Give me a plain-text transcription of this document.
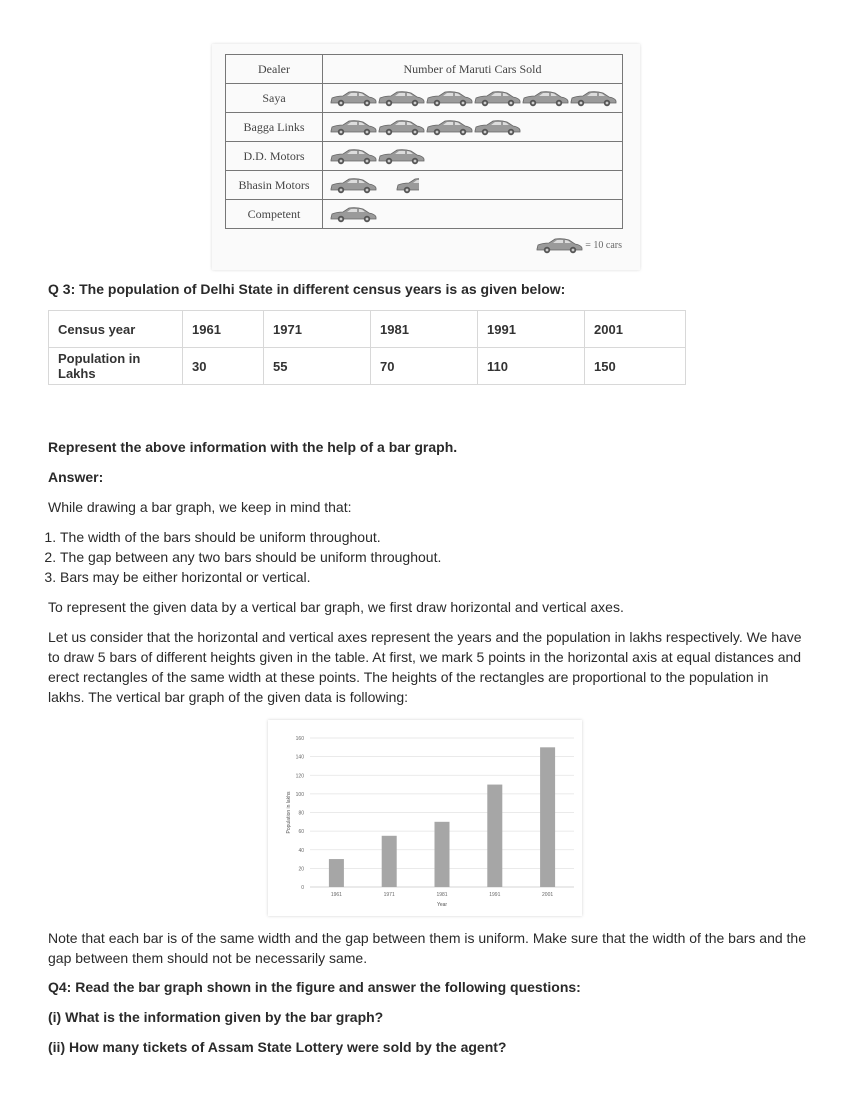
Dealer	Number of Maruti Cars Sold
Saya	

Bagga Links	

D.D. Motors	

Bhasin Motors	

Competent	
= 10 cars

Q 3: The population of Delhi State in different census years is as given below:

Census year	1961	1971	1981	1991	2001
Population in Lakhs	30	55	70	110	150

Represent the above information with the help of a bar graph.

Answer:

While drawing a bar graph, we keep in mind that:

1. The width of the bars should be uniform throughout.
2. The gap between any two bars should be uniform throughout.
3. Bars may be either horizontal or vertical.

To represent the given data by a vertical bar graph, we first draw horizontal and vertical axes.

Let us consider that the horizontal and vertical axes represent the years and the population in lakhs respectively. We have to draw 5 bars of different heights given in the table. At first, we mark 5 points in the horizontal axis at equal distances and erect rectangles of the same width at these points. The heights of the rectangles are proportional to the population in lakhs. The vertical bar graph of the given data is following:

0
20
40
60
80
100
120
140
160
1961	1971	1981	1991	2001
Year
Population in lakhs

Note that each bar is of the same width and the gap between them is uniform. Make sure that the width of the bars and the gap between them should not be necessarily same.

Q4: Read the bar graph shown in the figure and answer the following questions:

(i) What is the information given by the bar graph?

(ii) How many tickets of Assam State Lottery were sold by the agent?
